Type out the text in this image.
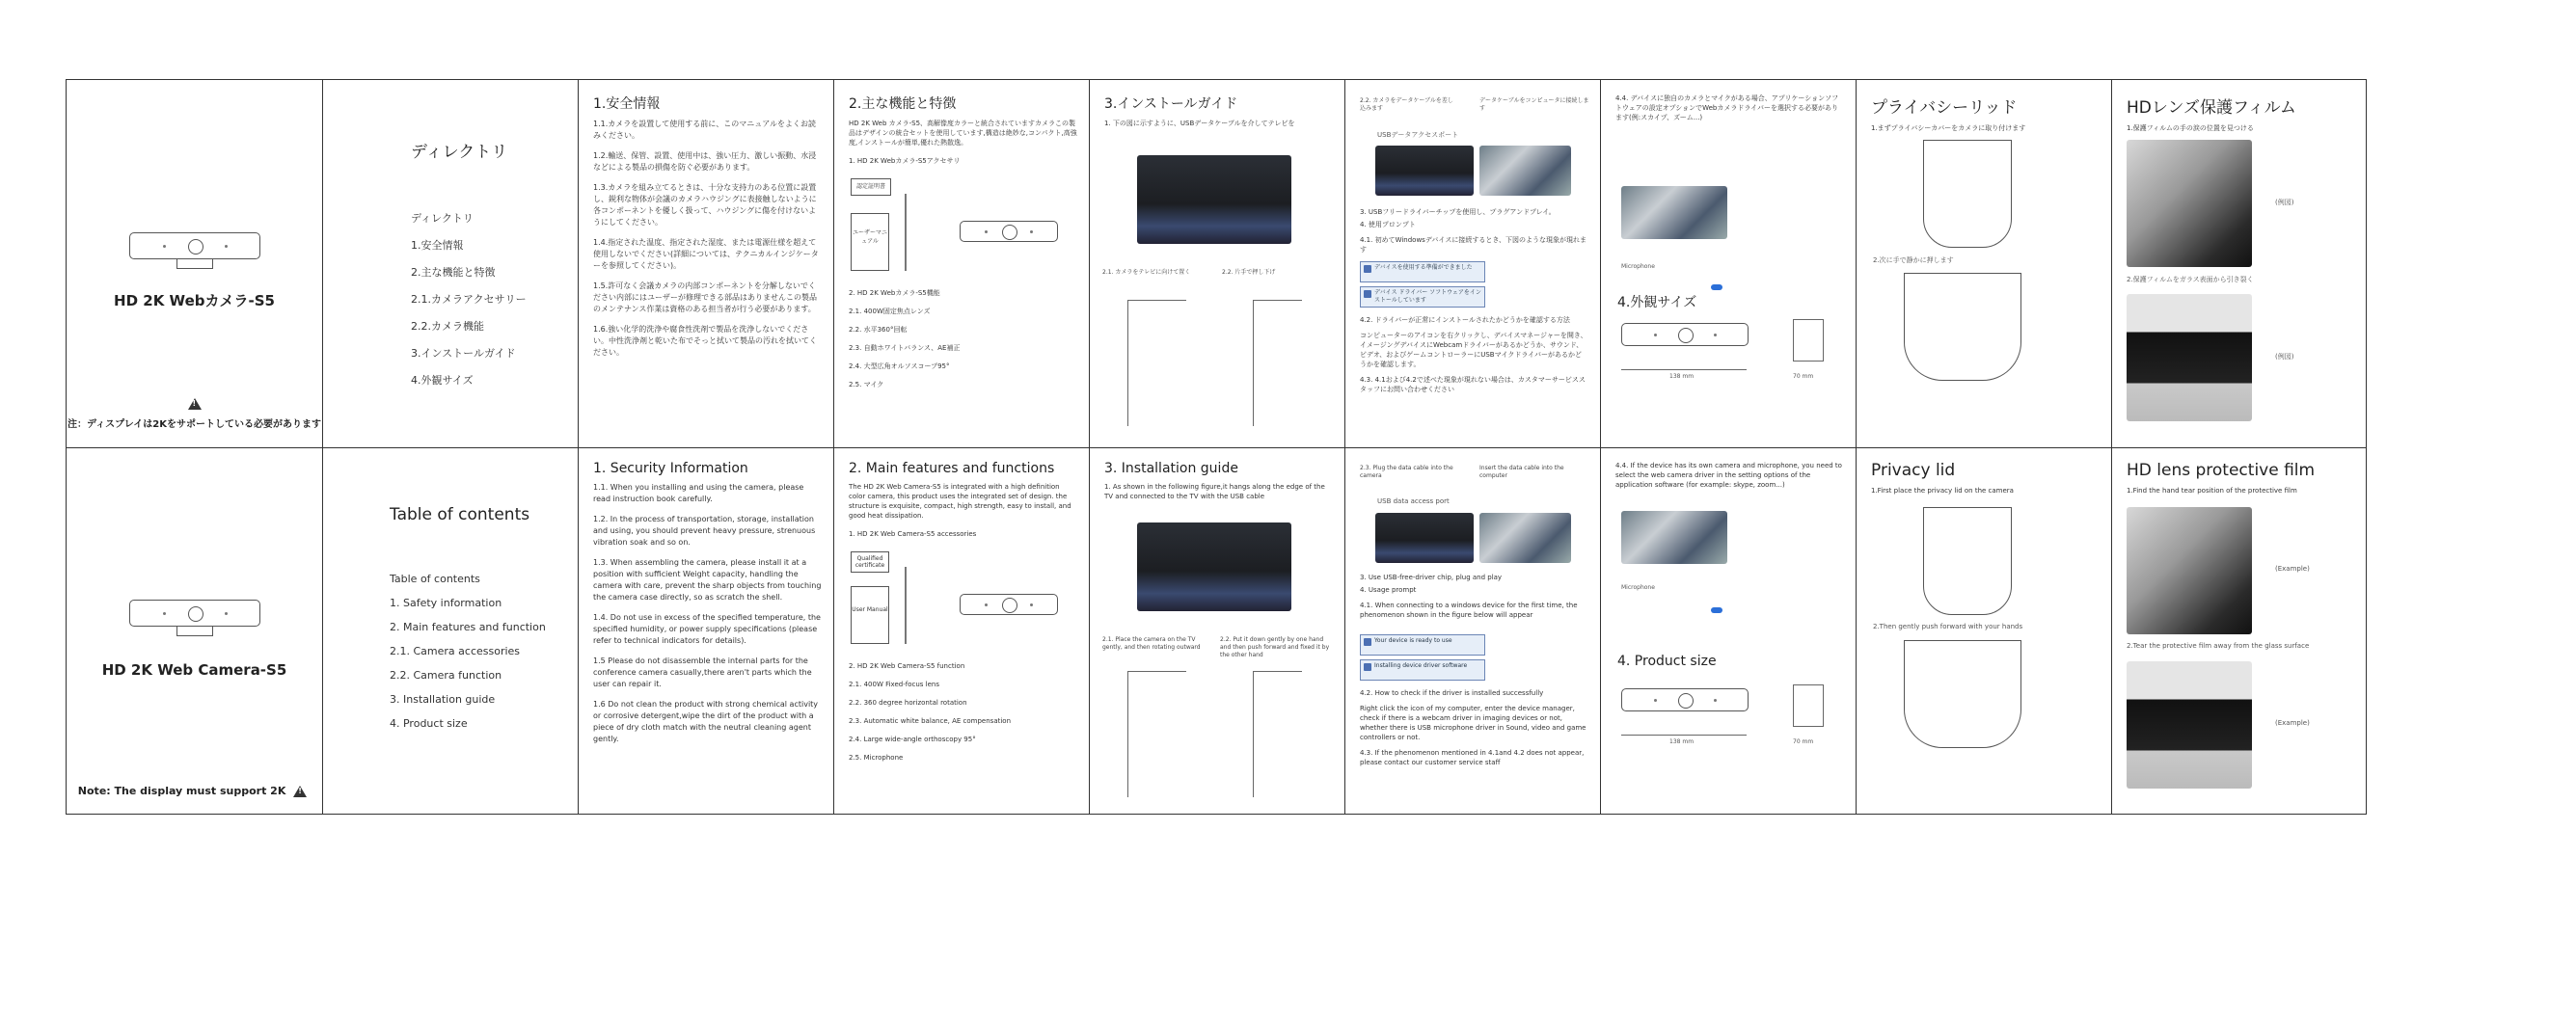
HD 2K Webカメラ-S5
!
注：ディスプレイは2Kをサポートしている必要があります
ディレクトリ
ディレクトリ
1.安全情報
2.主な機能と特徴
2.1.カメラアクセサリー
2.2.カメラ機能
3.インストールガイド
4.外観サイズ
1.安全情報

1.1.カメラを設置して使用する前に、このマニュアルをよくお読みください。

1.2.輸送、保管、設置、使用中は、強い圧力、激しい振動、水浸などによる製品の損傷を防ぐ必要があります。

1.3.カメラを組み立てるときは、十分な支持力のある位置に設置し、鋭利な物体が会議のカメラハウジングに表接触しないように各コンポーネントを優しく扱って、ハウジングに傷を付けないようにしてください。

1.4.指定された温度、指定された湿度、または電源仕様を超えて使用しないでください(詳細については、テクニカルインジケーターを参照してください)。

1.5.許可なく会議カメラの内部コンポーネントを分解しないでください内部にはユーザーが修理できる部品はありませんこの製品のメンテナンス作業は資格のある担当者が行う必要があります。

1.6.強い化学的洗浄や腐食性洗剤で製品を洗浄しないでください。中性洗浄剤と乾いた布でそっと拭いて製品の汚れを拭いてください。

2.主な機能と特徴

HD 2K Web カメラ-S5、高解像度カラーと統合されていますカメラこの製品はデザインの統合セットを使用しています,構造は絶妙な,コンパクト,高強度,インストールが簡単,優れた熱散逸。

1. HD 2K Webカメラ-S5アクセサリ

認定証明書
ユーザーマニュアル

2. HD 2K Webカメラ-S5機能

2.1. 400W固定焦点レンズ

2.2. 水平360°回転

2.3. 自動ホワイトバランス、AE補正

2.4. 大型広角オルソスコープ95°

2.5. マイク

3.インストールガイド

1. 下の図に示すように、USBデータケーブルを介してテレビを

2.1. カメラをテレビに向けて置く	2.2. 片手で押し下げ
2.2. カメラをデータケーブルを差し込みます
データケーブルをコンピュータに接続します
USBデータアクセスポート

3. USBフリードライバーチップを使用し、プラグアンドプレイ。

4. 使用プロンプト

4.1. 初めてWindowsデバイスに接続するとき、下図のような現象が現れます

デバイスを使用する準備ができました
デバイス ドライバー ソフトウェアをインストールしています

4.2. ドライバーが正常にインストールされたかどうかを確認する方法

コンピューターのアイコンを右クリックし、デバイスマネージャーを開き、イメージングデバイスにWebcamドライバーがあるかどうか、サウンド、ビデオ、およびゲームコントローラーにUSBマイクドライバーがあるかどうかを確認します。

4.3. 4.1および4.2で述べた現象が現れない場合は、カスタマーサービススタッフにお問い合わせください

4.4. デバイスに独自のカメラとマイクがある場合、アプリケーションソフトウェアの設定オプションでWebカメラドライバーを選択する必要があります(例:スカイプ、ズーム...)

Microphone
4.外観サイズ
138 mm	70 mm
プライバシーリッド

1.まずプライバシーカバーをカメラに取り付けます

2.次に手で静かに押します
HDレンズ保護フィルム

1.保護フィルムの手の涙の位置を見つける

(例図)
2.保護フィルムをガラス表面から引き裂く
(例図)
HD 2K Web Camera-S5
Note: The display must support 2K !
Table of contents
Table of contents
1. Safety information
2. Main features and function
2.1. Camera accessories
2.2. Camera function
3. Installation guide
4. Product size
1. Security Information

1.1. When you installing and using the camera, please read instruction book carefully.

1.2. In the process of transportation, storage, installation and using, you should prevent heavy pressure, strenuous vibration soak and so on.

1.3. When assembling the camera, please install it at a position with sufficient Weight capacity, handling the camera with care, prevent the sharp objects from touching the camera case directly, so as scratch the shell.

1.4. Do not use in excess of the specified temperature, the specified humidity, or power supply specifications (please refer to technical indicators for details).

1.5 Please do not disassemble the internal parts for the conference camera casually,there aren't parts which the user can repair it.

1.6 Do not clean the product with strong chemical activity or corrosive detergent,wipe the dirt of the product with a piece of dry cloth match with the neutral cleaning agent gently.

2. Main features and functions

The HD 2K Web Camera-S5 is integrated with a high definition color camera, this product uses the integrated set of design. the structure is exquisite, compact, high strength, easy to install, and good heat dissipation.

1. HD 2K Web Camera-S5 accessories

Qualified certificate
User Manual

2. HD 2K Web Camera-S5 function

2.1. 400W Fixed-focus lens

2.2. 360 degree horizontal rotation

2.3. Automatic white balance, AE compensation

2.4. Large wide-angle orthoscopy 95°

2.5. Microphone

3. Installation guide

1. As shown in the following figure,it hangs along the edge of the TV and connected to the TV with the USB cable

2.1. Place the camera on the TV gently, and then rotating outward
2.2. Put it down gently by one hand and then push forward and fixed it by the other hand
2.3. Plug the data cable into the camera
Insert the data cable into the computer
USB data access port

3. Use USB-free-driver chip, plug and play

4. Usage prompt

4.1. When connecting to a windows device for the first time, the phenomenon shown in the figure below will appear

Your device is ready to use
Installing device driver software

4.2. How to check if the driver is installed successfully

Right click the icon of my computer, enter the device manager, check if there is a webcam driver in imaging devices or not, whether there is USB microphone driver in Sound, video and game controllers or not.

4.3. If the phenomenon mentioned in 4.1and 4.2 does not appear, please contact our customer service staff

4.4. If the device has its own camera and microphone, you need to select the web camera driver in the setting options of the application software (for example: skype, zoom...)

Microphone
4. Product size
138 mm	70 mm
Privacy lid

1.First place the privacy lid on the camera

2.Then gently push forward with your hands
HD lens protective film

1.Find the hand tear position of the protective film

(Example)
2.Tear the protective film away from the glass surface
(Example)
